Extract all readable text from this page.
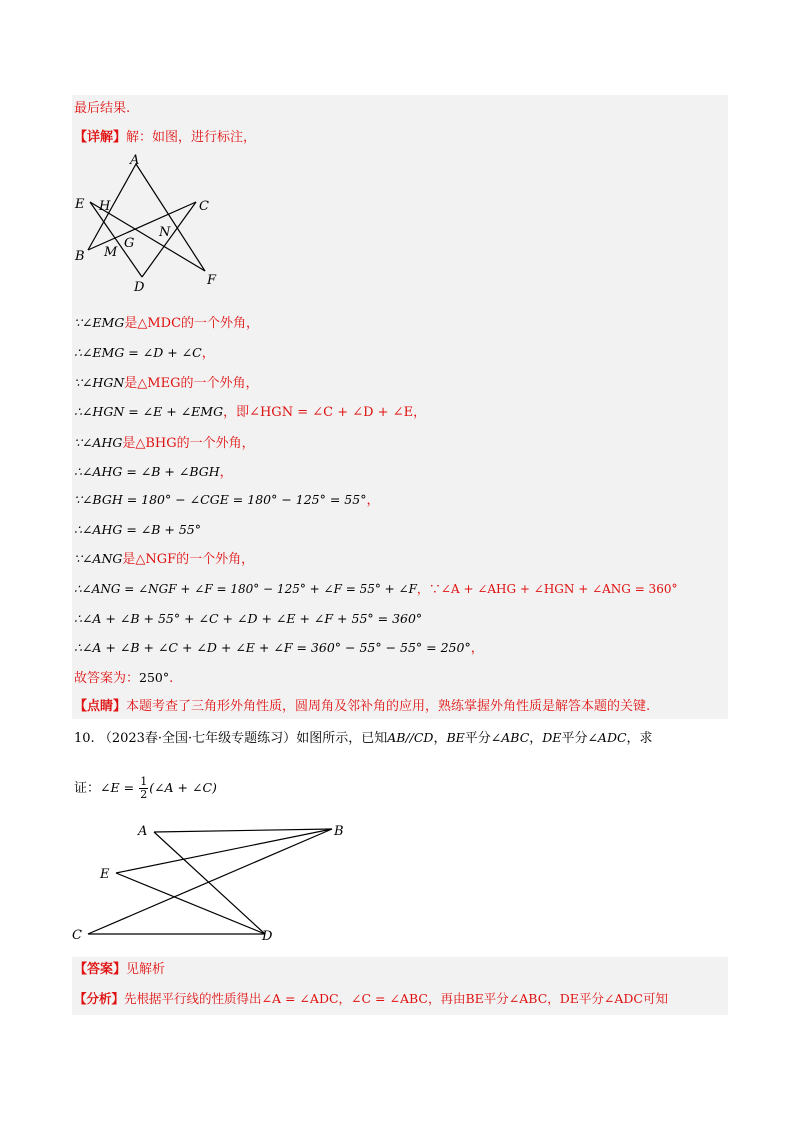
最后结果.
【详解】解：如图，进行标注，
A
E H	C
N
G
B M
D	F
∵∠EMG是△MDC的一个外角，
∴∠EMG = ∠D + ∠C，
∵∠HGN是△MEG的一个外角，
∴∠HGN = ∠E + ∠EMG，即∠HGN = ∠C + ∠D + ∠E，
∵∠AHG是△BHG的一个外角，
∴∠AHG = ∠B + ∠BGH，
∵∠BGH = 180° − ∠CGE = 180° − 125° = 55°，
∴∠AHG = ∠B + 55°
∵∠ANG是△NGF的一个外角，
∴∠ANG = ∠NGF + ∠F = 180° − 125° + ∠F = 55° + ∠F，∵∠A + ∠AHG + ∠HGN + ∠ANG = 360°
∴∠A + ∠B + 55° + ∠C + ∠D + ∠E + ∠F + 55° = 360°
∴∠A + ∠B + ∠C + ∠D + ∠E + ∠F = 360° − 55° − 55° = 250°，
故答案为：250°.
【点睛】本题考查了三角形外角性质，圆周角及邻补角的应用，熟练掌握外角性质是解答本题的关键.
10. （2023春·全国·七年级专题练习）如图所示，已知AB//CD，BE平分∠ABC，DE平分∠ADC，求
证：∠E = $\frac{1}{2}$ (∠A + ∠C)
A	B
E
C	D
【答案】见解析
【分析】先根据平行线的性质得出∠A = ∠ADC，∠C = ∠ABC，再由BE平分∠ABC，DE平分∠ADC可知
